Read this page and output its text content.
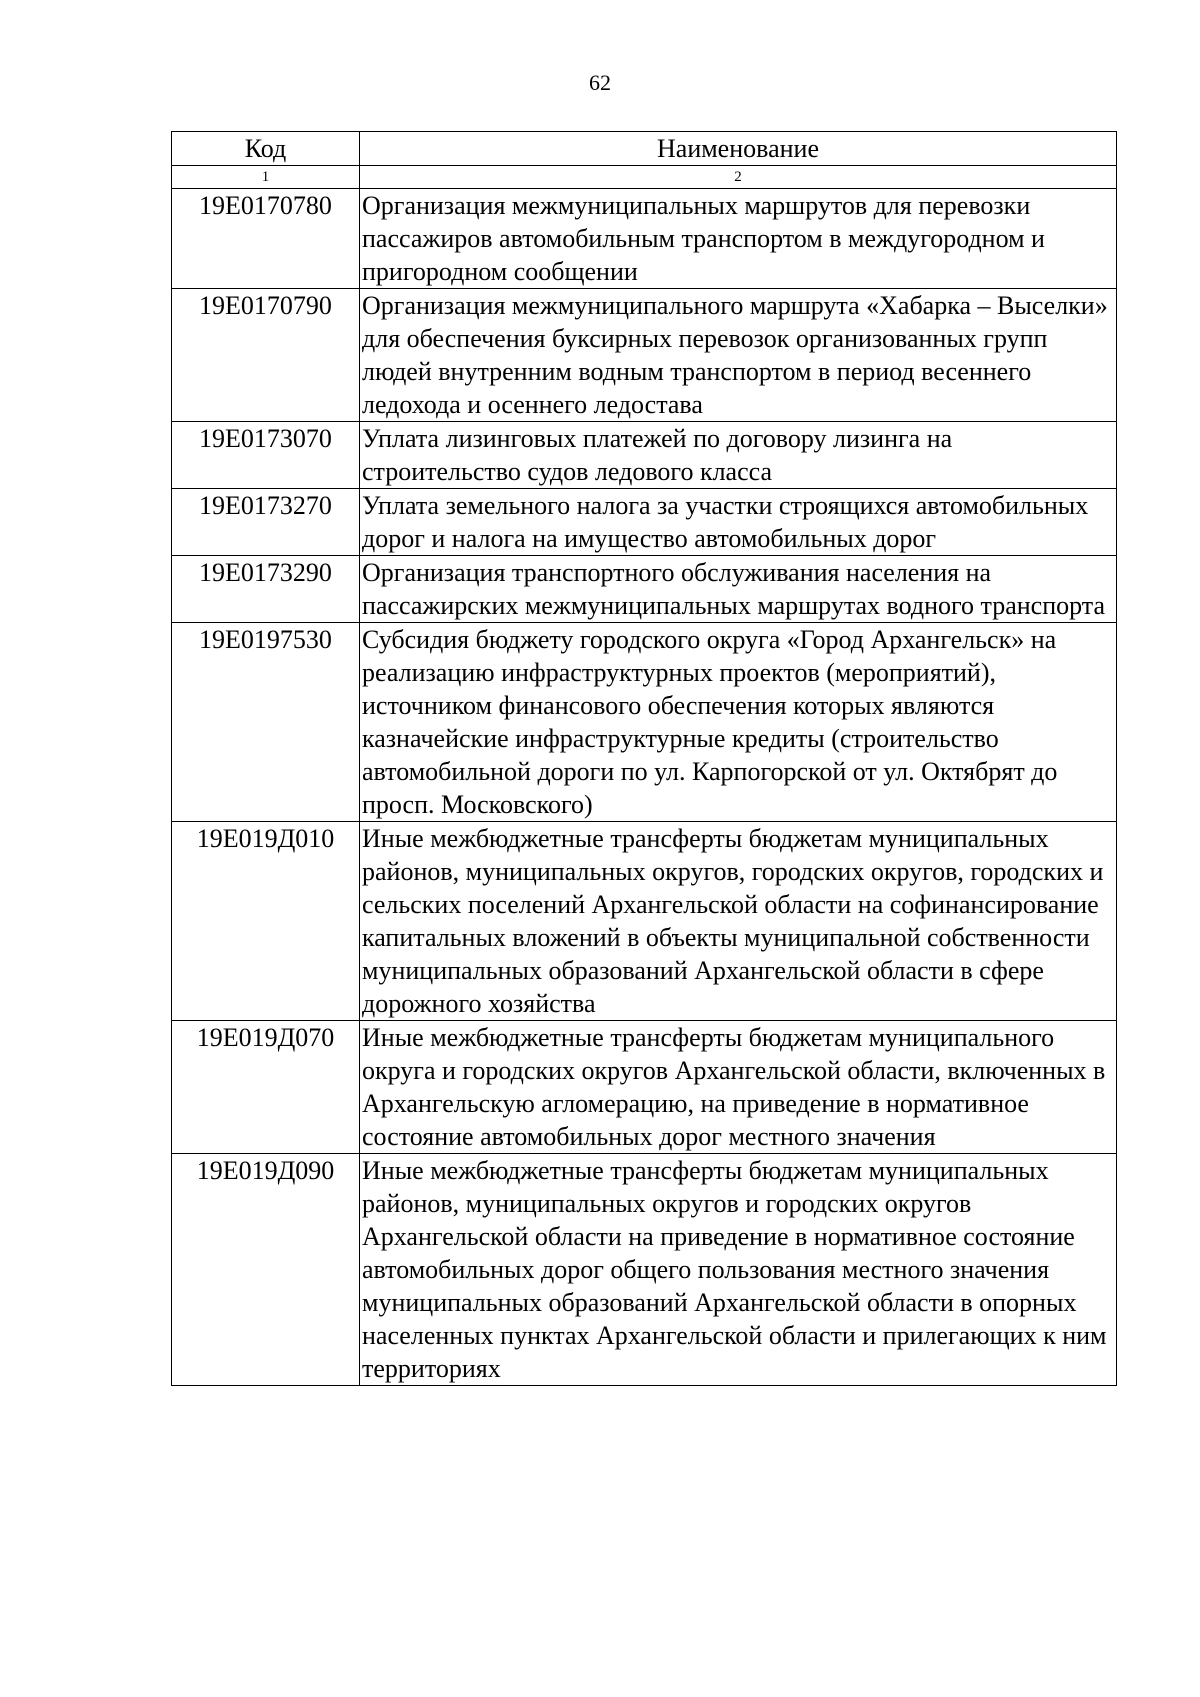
62
Код	Наименование
1	2
19Е0170780	Организация межмуниципальных маршрутов для перевозки пассажиров автомобильным транспортом в междугородном и пригородном сообщении
19Е0170790	Организация межмуниципального маршрута «Хабарка – Выселки» для обеспечения буксирных перевозок организованных групп людей внутренним водным транспортом в период весеннего ледохода и осеннего ледостава
19Е0173070	Уплата лизинговых платежей по договору лизинга на строительство судов ледового класса
19Е0173270	Уплата земельного налога за участки строящихся автомобильных дорог и налога на имущество автомобильных дорог
19Е0173290	Организация транспортного обслуживания населения на пассажирских межмуниципальных маршрутах водного транспорта
19Е0197530	Субсидия бюджету городского округа «Город Архангельск» на реализацию инфраструктурных проектов (мероприятий), источником финансового обеспечения которых являются казначейские инфраструктурные кредиты (строительство автомобильной дороги по ул. Карпогорской от ул. Октябрят до просп. Московского)
19Е019Д010	Иные межбюджетные трансферты бюджетам муниципальных районов, муниципальных округов, городских округов, городских и сельских поселений Архангельской области на софинансирование капитальных вложений в объекты муниципальной собственности муниципальных образований Архангельской области в сфере дорожного хозяйства
19Е019Д070	Иные межбюджетные трансферты бюджетам муниципального округа и городских округов Архангельской области, включенных в Архангельскую агломерацию, на приведение в нормативное состояние автомобильных дорог местного значения
19Е019Д090	Иные межбюджетные трансферты бюджетам муниципальных районов, муниципальных округов и городских округов Архангельской области на приведение в нормативное состояние автомобильных дорог общего пользования местного значения муниципальных образований Архангельской области в опорных населенных пунктах Архангельской области и прилегающих к ним территориях
